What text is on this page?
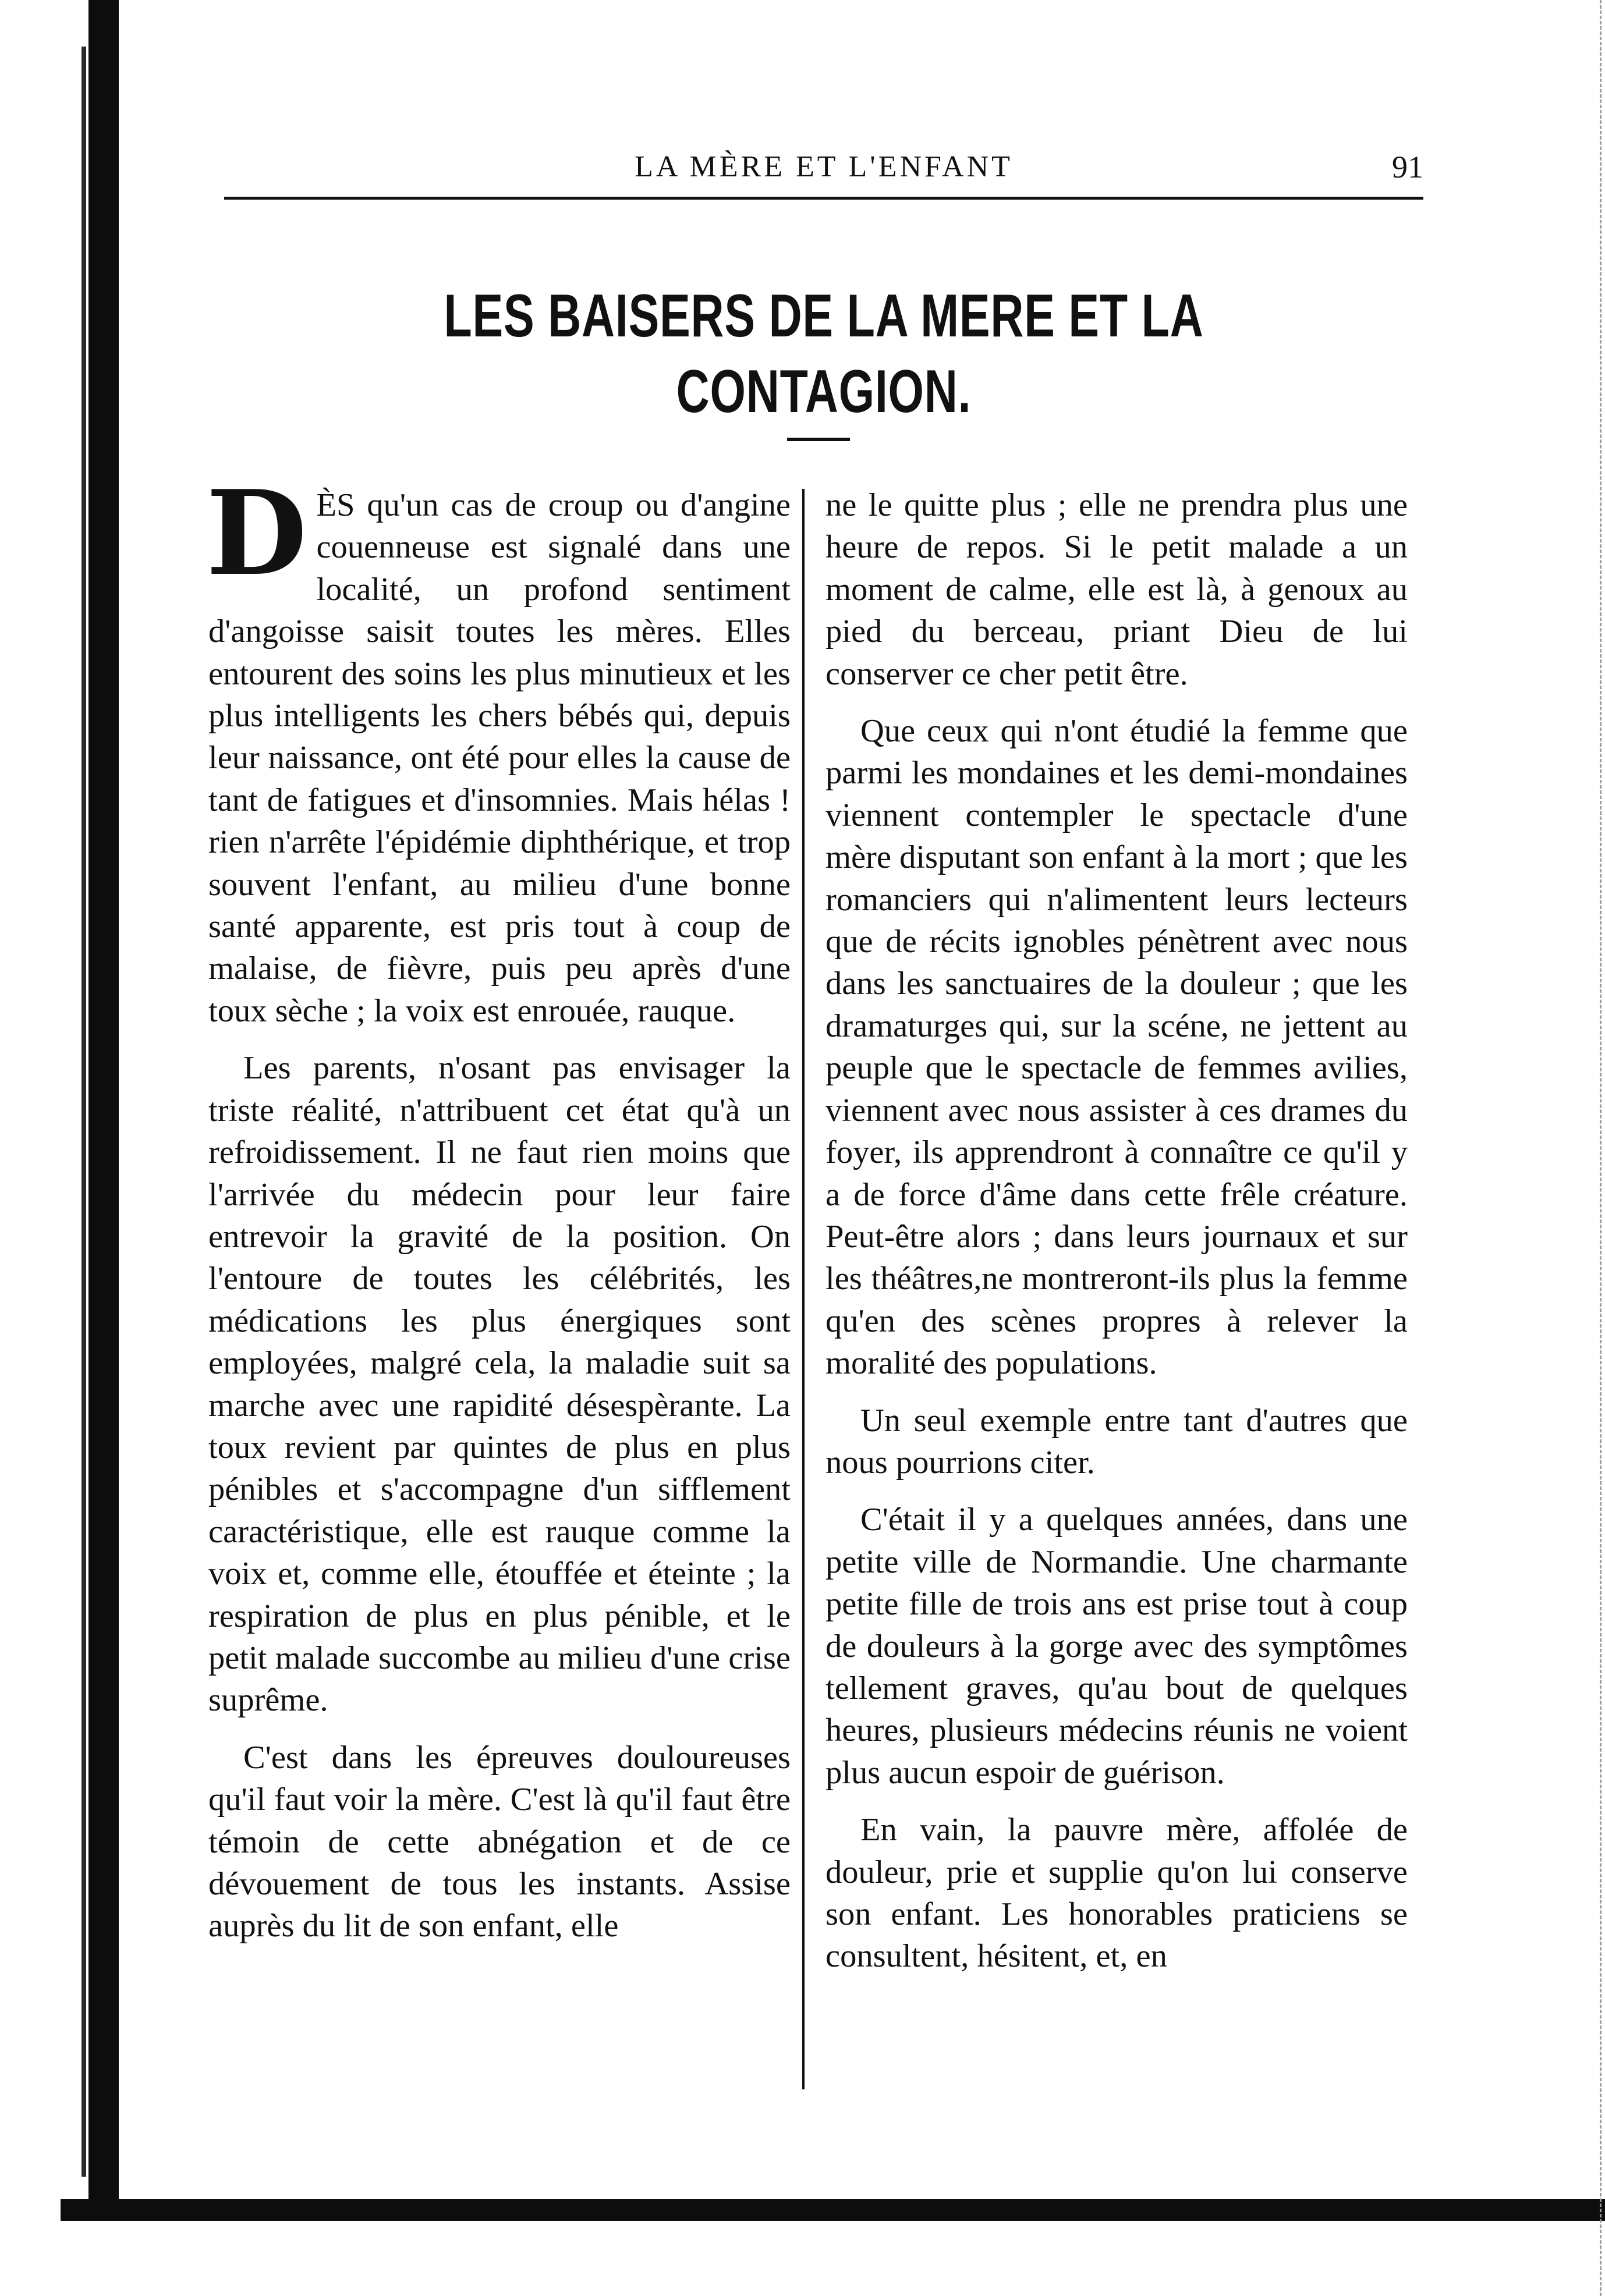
LA MÈRE ET L'ENFANT	91
LES BAISERS DE LA MERE ET LA CONTAGION.

DÈS qu'un cas de croup ou d'angine couenneuse est signalé dans une localité, un profond sentiment d'angoisse saisit toutes les mères. Elles entourent des soins les plus minutieux et les plus intelligents les chers bébés qui, depuis leur naissance, ont été pour elles la cause de tant de fatigues et d'insomnies. Mais hélas ! rien n'arrête l'épidémie diphthérique, et trop souvent l'enfant, au milieu d'une bonne santé apparente, est pris tout à coup de malaise, de fièvre, puis peu après d'une toux sèche ; la voix est enrouée, rauque.

Les parents, n'osant pas envisager la triste réalité, n'attribuent cet état qu'à un refroidissement. Il ne faut rien moins que l'arrivée du médecin pour leur faire entrevoir la gravité de la position. On l'entoure de toutes les célébrités, les médications les plus énergiques sont employées, malgré cela, la maladie suit sa marche avec une rapidité désespèrante. La toux revient par quintes de plus en plus pénibles et s'accompagne d'un sifflement caractéristique, elle est rauque comme la voix et, comme elle, étouffée et éteinte ; la respiration de plus en plus pénible, et le petit malade succombe au milieu d'une crise suprême.

C'est dans les épreuves douloureuses qu'il faut voir la mère. C'est là qu'il faut être témoin de cette abnégation et de ce dévouement de tous les instants. Assise auprès du lit de son enfant, elle

ne le quitte plus ; elle ne prendra plus une heure de repos. Si le petit malade a un moment de calme, elle est là, à genoux au pied du berceau, priant Dieu de lui conserver ce cher petit être.

Que ceux qui n'ont étudié la femme que parmi les mondaines et les demi-mondaines viennent contempler le spectacle d'une mère disputant son enfant à la mort ; que les romanciers qui n'alimentent leurs lecteurs que de récits ignobles pénètrent avec nous dans les sanctuaires de la douleur ; que les dramaturges qui, sur la scéne, ne jettent au peuple que le spectacle de femmes avilies, viennent avec nous assister à ces drames du foyer, ils apprendront à connaître ce qu'il y a de force d'âme dans cette frêle créature. Peut-être alors ; dans leurs journaux et sur les théâtres,ne montreront-ils plus la femme qu'en des scènes propres à relever la moralité des populations.

Un seul exemple entre tant d'autres que nous pourrions citer.

C'était il y a quelques années, dans une petite ville de Normandie. Une charmante petite fille de trois ans est prise tout à coup de douleurs à la gorge avec des symptômes tellement graves, qu'au bout de quelques heures, plusieurs médecins réunis ne voient plus aucun espoir de guérison.

En vain, la pauvre mère, affolée de douleur, prie et supplie qu'on lui conserve son enfant. Les honorables praticiens se consultent, hésitent, et, en
